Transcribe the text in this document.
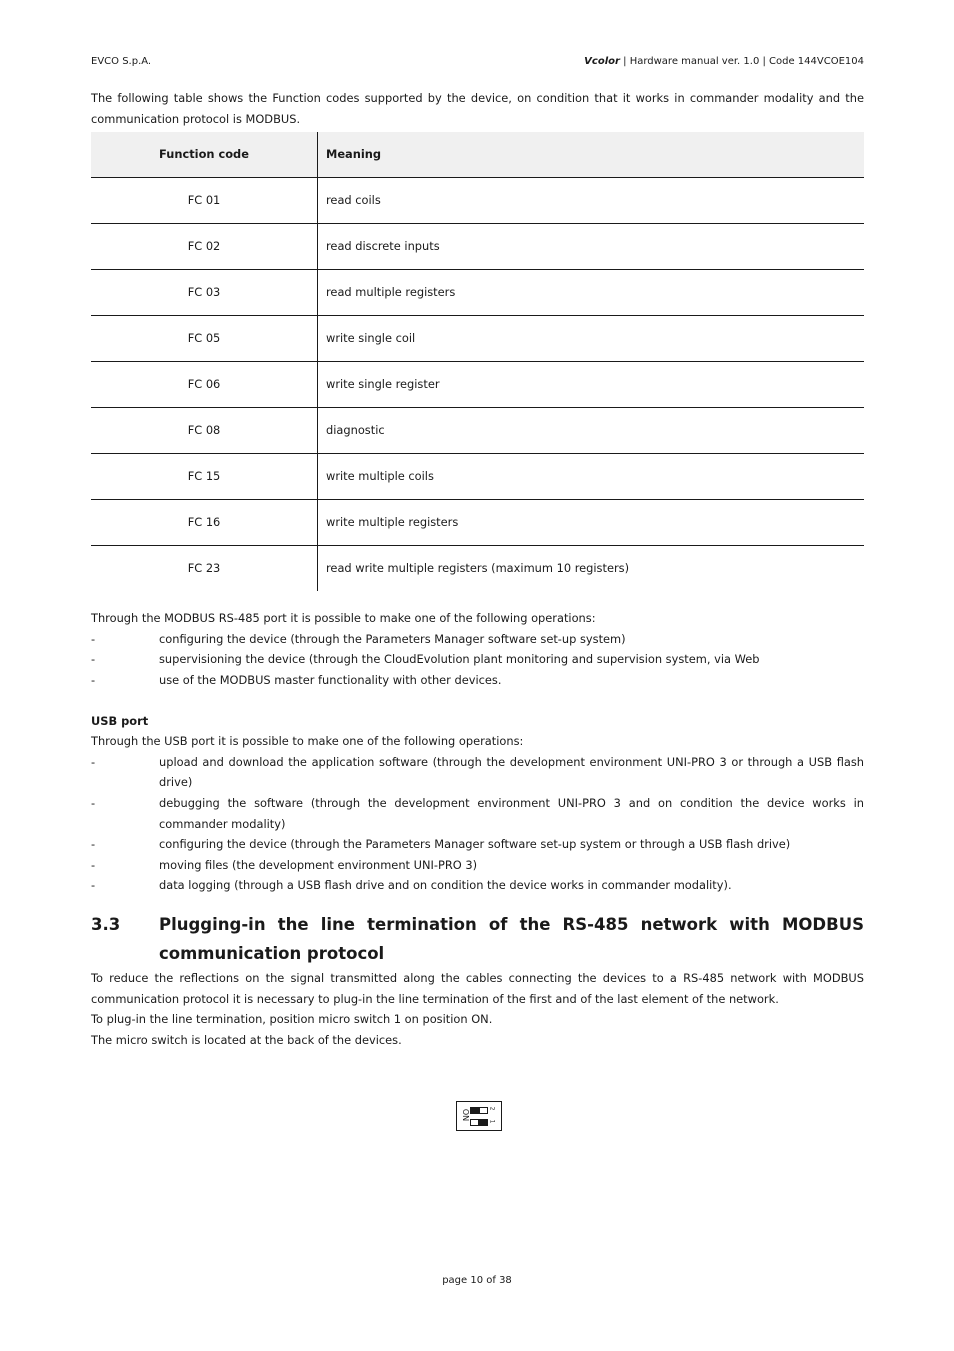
EVCO S.p.A.	Vcolor | Hardware manual ver. 1.0 | Code 144VCOE104

The following table shows the Function codes supported by the device, on condition that it works in commander modality and the communication protocol is MODBUS.

Function code	Meaning
FC 01	read coils
FC 02	read discrete inputs
FC 03	read multiple registers
FC 05	write single coil
FC 06	write single register
FC 08	diagnostic
FC 15	write multiple coils
FC 16	write multiple registers
FC 23	read write multiple registers (maximum 10 registers)

Through the MODBUS RS-485 port it is possible to make one of the following operations:

-	configuring the device (through the Parameters Manager software set-up system)
-	supervisioning the device (through the CloudEvolution plant monitoring and supervision system, via Web
-	use of the MODBUS master functionality with other devices.

USB port

Through the USB port it is possible to make one of the following operations:

-	upload and download the application software (through the development environment UNI-PRO 3 or through a USB flash drive)
-	debugging the software (through the development environment UNI-PRO 3 and on condition the device works in commander modality)
-	configuring the device (through the Parameters Manager software set-up system or through a USB flash drive)
-	moving files (the development environment UNI-PRO 3)
-	data logging (through a USB flash drive and on condition the device works in commander modality).
3.3	Plugging-in the line termination of the RS-485 network with MODBUS communication protocol

To reduce the reflections on the signal transmitted along the cables connecting the devices to a RS-485 network with MODBUS communication protocol it is necessary to plug-in the line termination of the first and of the last element of the network.

To plug-in the line termination, position micro switch 1 on position ON.

The micro switch is located at the back of the devices.

ON
2
1
page 10 of 38
